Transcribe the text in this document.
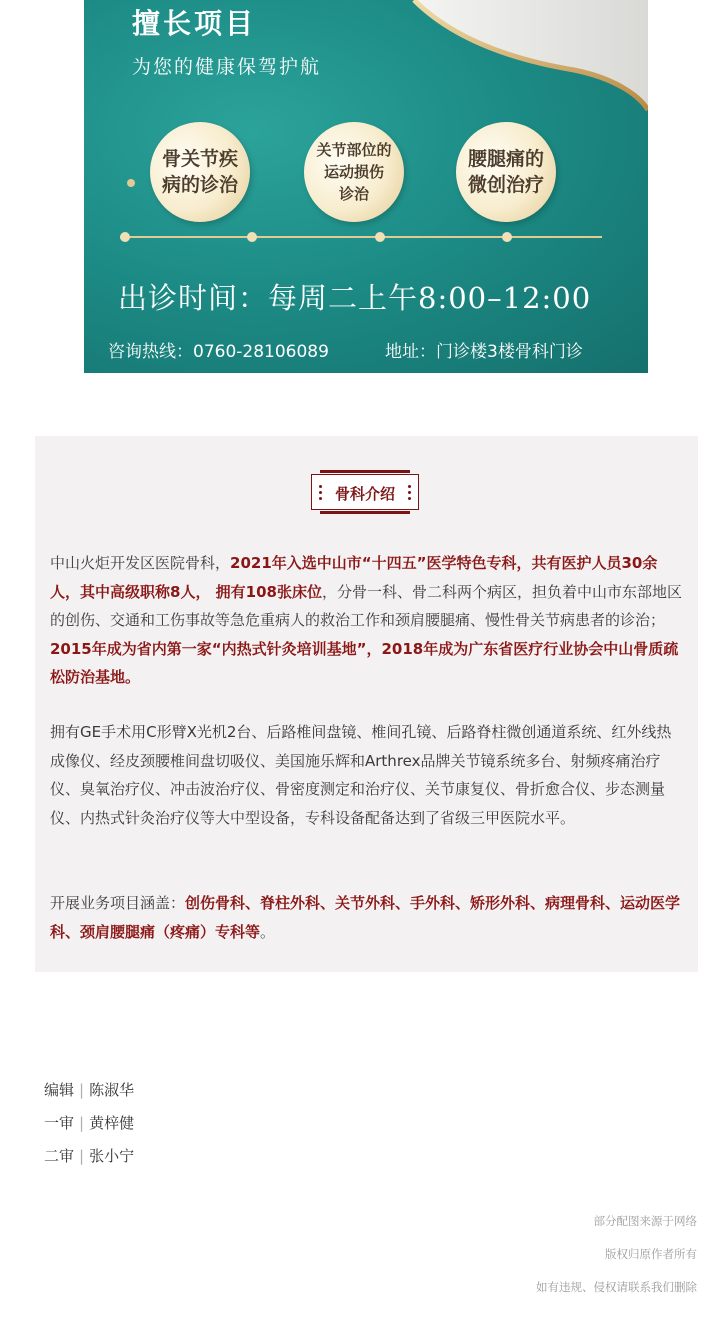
擅长项目
为您的健康保驾护航
骨关节疾
病的诊治
关节部位的
运动损伤
诊治
腰腿痛的
微创治疗
出诊时间：每周二上午8:00–12:00
咨询热线：0760-28106089	地址：门诊楼3楼骨科门诊
骨科介绍

中山火炬开发区医院骨科，2021年入选中山市“十四五”医学特色专科，共有医护人员30余人，其中高级职称8人， 拥有108张床位，分骨一科、骨二科两个病区，担负着中山市东部地区的创伤、交通和工伤事故等急危重病人的救治工作和颈肩腰腿痛、慢性骨关节病患者的诊治；2015年成为省内第一家“内热式针灸培训基地”，2018年成为广东省医疗行业协会中山骨质疏松防治基地。

拥有GE手术用C形臂X光机2台、后路椎间盘镜、椎间孔镜、后路脊柱微创通道系统、红外线热成像仪、经皮颈腰椎间盘切吸仪、美国施乐辉和Arthrex品牌关节镜系统多台、射频疼痛治疗仪、臭氧治疗仪、冲击波治疗仪、骨密度测定和治疗仪、关节康复仪、骨折愈合仪、步态测量仪、内热式针灸治疗仪等大中型设备，专科设备配备达到了省级三甲医院水平。

开展业务项目涵盖：创伤骨科、脊柱外科、关节外科、手外科、矫形外科、病理骨科、运动医学科、颈肩腰腿痛（疼痛）专科等。

编辑 | 陈淑华
一审 | 黄梓健
二审 | 张小宁
部分配图来源于网络
版权归原作者所有
如有违规、侵权请联系我们删除
